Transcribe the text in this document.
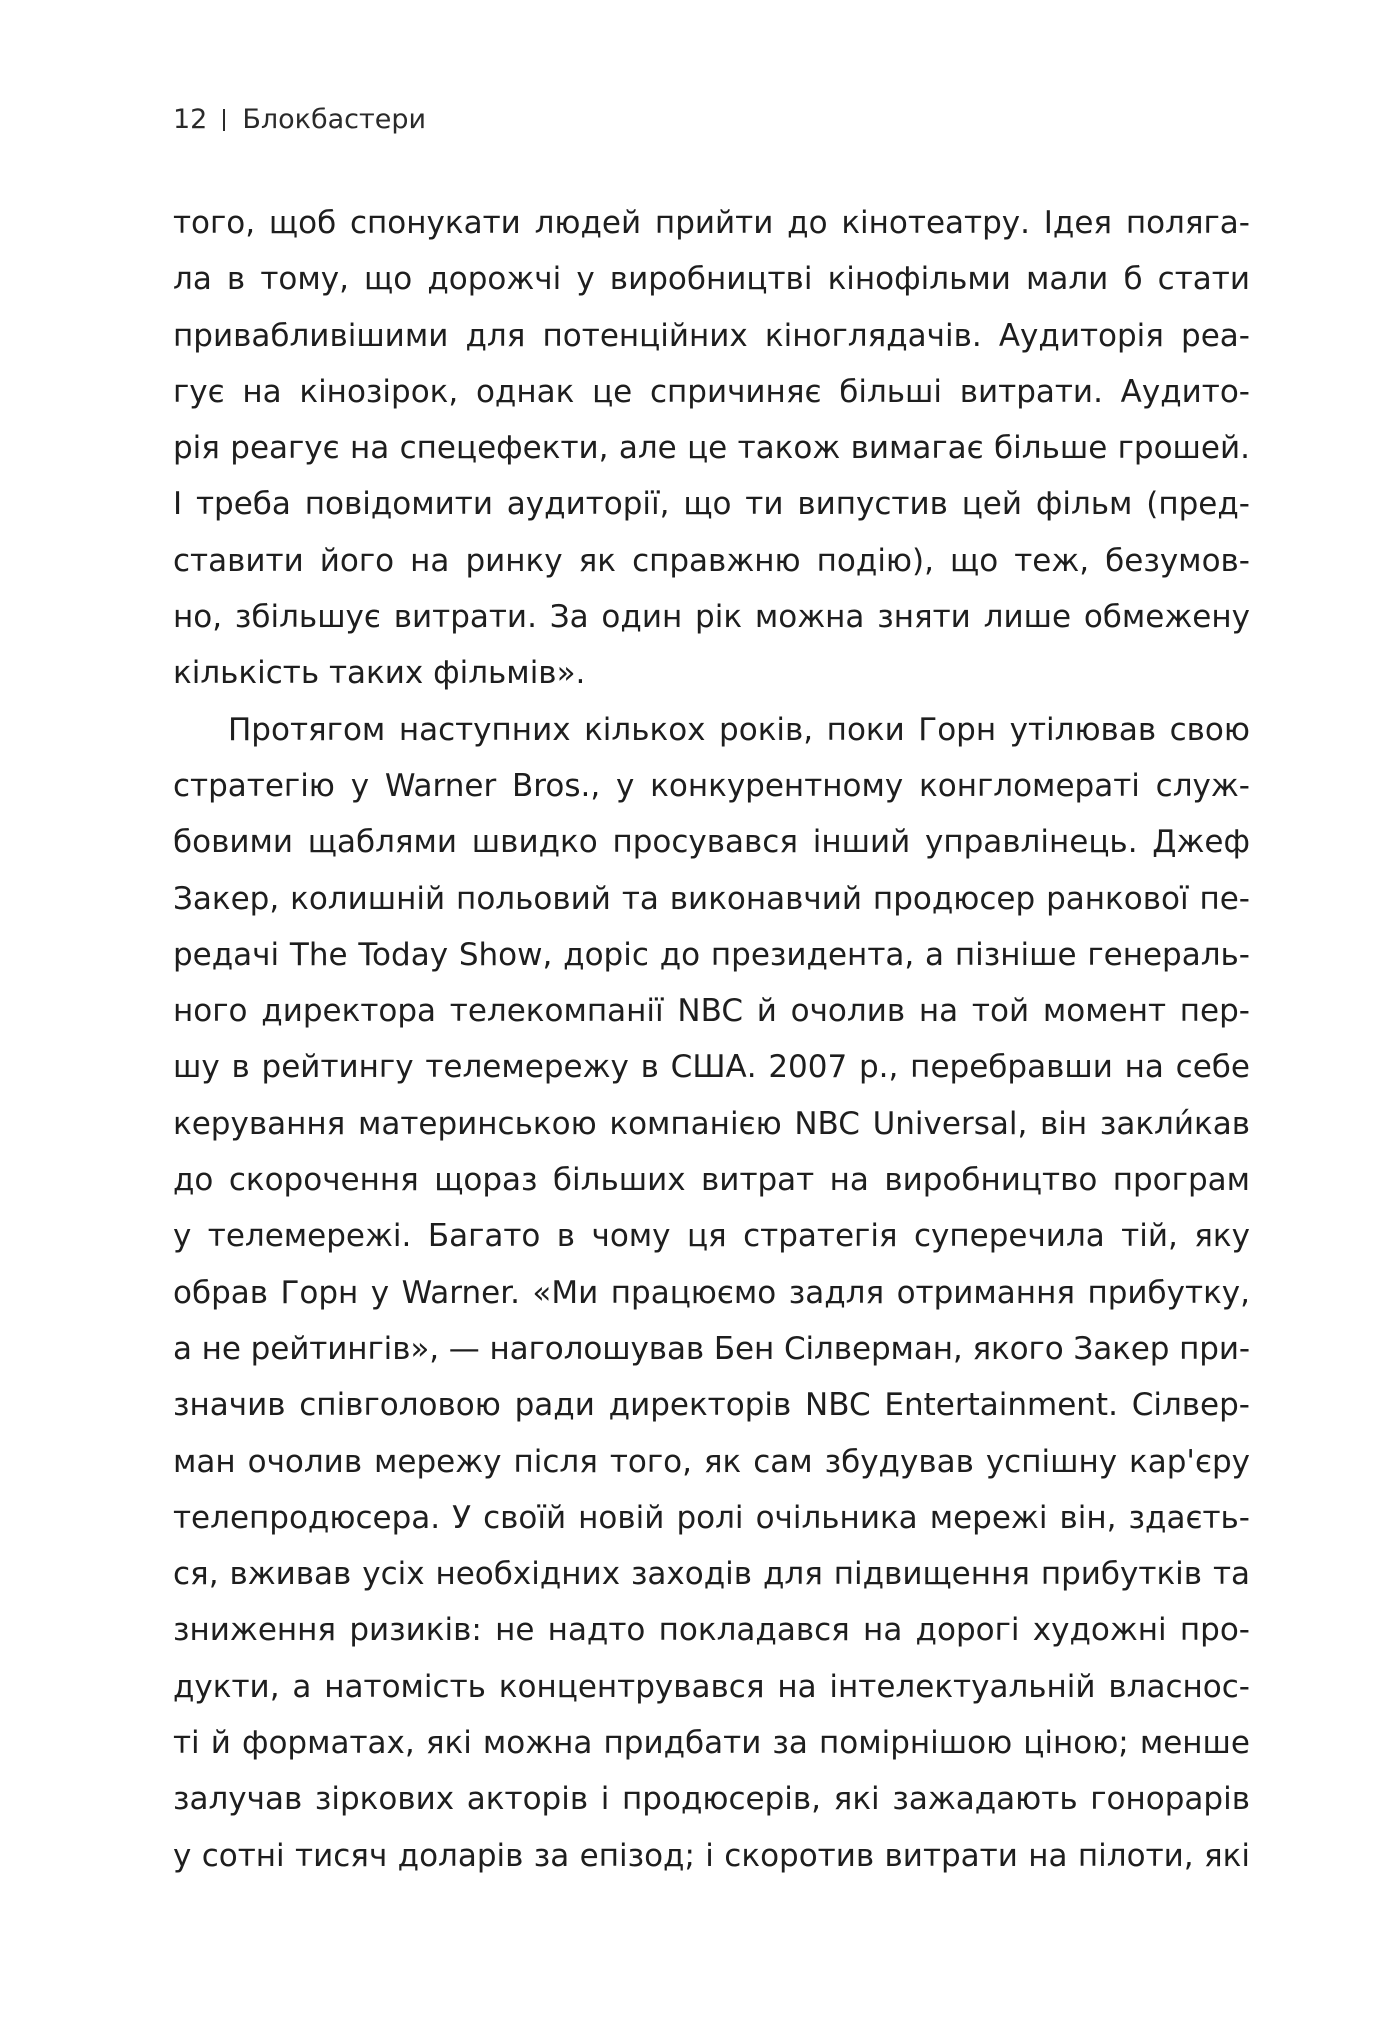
12 Блокбастери
того, щоб спонукати людей прийти до кінотеатру. Ідея полягa-
ла в тому, що дорожчі у виробництві кінофільми мали б стати
привабливішими для потенційних кіноглядачів. Аудиторія реа-
гує на кінозірок, однак це спричиняє більші витрати. Аудито-
рія реагує на спецефекти, але це також вимагає більше грошей.
І треба повідомити аудиторії, що ти випустив цей фільм (пред-
ставити його на ринку як справжню подію), що теж, безумов-
но, збільшує витрати. За один рік можна зняти лише обмежену
кількість таких фільмів».
Протягом наступних кількох років, поки Горн утілював свою
стратегію у Warner Bros., у конкурентному конгломераті служ-
бовими щаблями швидко просувався інший управлінець. Джеф
Закер, колишній польовий та виконавчий продюсер ранкової пе-
редачі The Today Show, доріс до президента, а пізніше генераль-
ного директора телекомпанії NBC й очолив на той момент пер-
шу в рейтингу телемережу в США. 2007 р., перебравши на себе
керування материнською компанією NBC Universal, він закли́кав
до скорочення щораз більших витрат на виробництво програм
у телемережі. Багато в чому ця стратегія суперечила тій, яку
обрав Горн у Warner. «Ми працюємо задля отримання прибутку,
а не рейтингів», — наголошував Бен Сілверман, якого Закер при-
значив співголовою ради директорів NBC Entertainment. Сілвер-
ман очолив мережу після того, як сам збудував успішну кар'єру
телепродюсера. У своїй новій ролі очільника мережі він, здаєть-
ся, вживав усіх необхідних заходів для підвищення прибутків та
зниження ризиків: не надто покладався на дорогі художні про-
дукти, а натомість концентрувався на інтелектуальній власнос-
ті й форматах, які можна придбати за помірнішою ціною; менше
залучав зіркових акторів і продюсерів, які зажадають гонорарів
у сотні тисяч доларів за епізод; і скоротив витрати на пілоти, які
